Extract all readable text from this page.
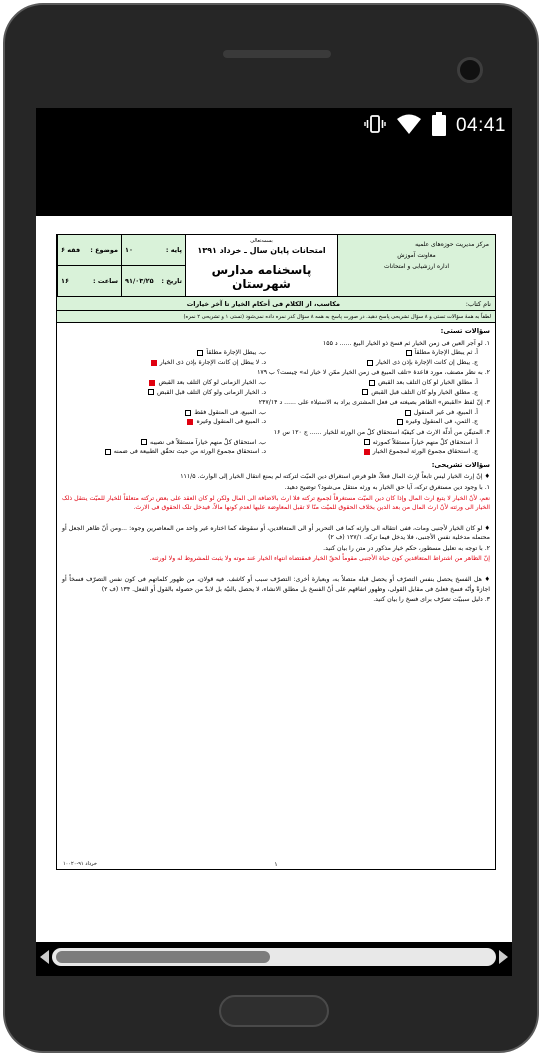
04:41
مرکز مدیریت حوزه‌های علمیه
معاونت آموزش
اداره ارزشیابی و امتحانات
بسمه‌تعالی
امتحانات پایان سال ـ خرداد ۱۳۹۱
پاسخنامه مدارس شهرستان
پایه :
۱۰
موضوع :
فقه ۶
تاریخ :
۹۱/۰۳/۲۵
ساعت :
۱۶
نام کتاب:
مکاسب، از الکلام فی أحکام الخیار تا آخر خیارات
لطفاً به همهٔ سؤالات تستی و ۸ سؤال تشریحی پاسخ دهید. در صورت پاسخ به همه ۸ سؤال کدر نمره داده نمی‌شود (تستی ۱ و تشریحی ۲ نمره)
سؤالات تستی:
۱. لو آجر العین فی زمن الخیار ثم فسخ ذو الخیار البیع ...... د ۱۵۵
أ. ثم یبطل الإجارة مطلقاً
ب. یبطل الإجارة مطلقاً
ج. یبطل إن کانت الإجارة بإذن ذی الخیار
د. لا یبطل إن کانت الإجارة بإذن ذی الخیار
۲. به نظر مصنف، مورد قاعدهٔ «تلف المبیع فی زمن الخیار ممّن لا خیار له» چیست؟ ب ۱۷۹
أ. مطلق الخیار لو کان التلف بعد القبض
ب. الخیار الزمانی لو کان التلف بعد القبض
ج. مطلق الخیار ولو کان التلف قبل القبض
د. الخیار الزمانی ولو کان التلف قبل القبض
۳. إنّ لفظ «القبض» الظاهر بصیغته فی فعل المشتری یراد به الاستیلاء علی ...... د ۲۴۷/۱۴
أ. المبیع، فی غیر المنقول
ب. المبیع، فی المنقول فقط
ج. الثمن، فی المنقول وغیره
د. المبیع فی المنقول وغیره
۴. المتیقّن من أدلّة الارث فی کیفیّة استحقاق کلّ من الورثة للخیار ...... ج ۱۲۰ س ۱۶
أ. استحقاق کلٍّ منهم خیاراً مستقلاً کمورثه
ب. استحقاق کلٍّ منهم خیاراً مستقلاً فی نصیبه
ج. استحقاق مجموع الورثة لمجموع الخیار
د. استحقاق مجموع الورثة من حیث تحقّق الطبیعة فی ضمنه
سؤالات تشریحی:
♦ إنّ إرث الخیار لیس تابعاً لإرث المال فعلاً، فلو فرض استغراق دین المیّت لترکته لم یمنع انتقال الخیار إلی الوارث. ۱۱۱/۵
۱. با وجود دین مستغرق ترکه، آیا حق الخیار به ورثه منتقل می‌شود؟ توضیح دهید.
نعم، لأنّ الخیار لا یتبع ارث المال وإذا کان دین المیّت مستغرقاً لجمیع ترکته فلا ارث بالاضافة الی المال ولکن لو کان العقد علی بعض ترکته متعلقاً للخیار للمیّت ینتقل ذلک الخیار الی ورثته لأنّ ارث المال من بعد الدین بخلاف الحقوق للمیّت منّا لا تقبل المعاوضة علیها لعدم کونها مالاً، فیدخل تلک الحقوق فی الارث.
♦ لو کان الخیار لأجنبی ومات، ففی انتقاله الی وارثه کما فی التحریر أو الی المتعاقدین، أو سقوطه کما اختاره غیر واحد من المعاصرین وجوه: ...ومن أنّ ظاهر الجعل أو محتمله مدخلیة نفس الأجنبی، فلا یدخل فیما ترکه. ۱۲۷/۱ (ف ۲)
۲. با توجه به تعلیل مسطور، حکم خیار مذکور در متن را بیان کنید.
إنّ الظاهر من اشتراط المتعاقدین کون حیاة الأجنبی مقوماً لحقّ الخیار فمقتضاه انتهاء الخیار عند موته ولا یثبت للمشروط له ولا لورثته.
♦ هل الفسخ یحصل بنفس التصرّف أو یحصل قبله متصلاً به، وبعبارة أخری: التصرّف سبب أو کاشف. فیه قولان، من ظهور کلماتهم فی کون نفس التصرّف فسخاً أو اجازةً وأنّه فسخ فعلیّ فی مقابل القولی، وظهور اتفاقهم علی أنّ الفسخ بل مطلق الانشاء، لا یحصل بالنیّة بل لابدّ من حصوله بالقول أو الفعل. ۱۳۴ (ف ۲)
۳. دلیل سببیّت تصرّف برای فسخ را بیان کنید.
۱
خرداد ۹۱-۱۰۰۲۰
